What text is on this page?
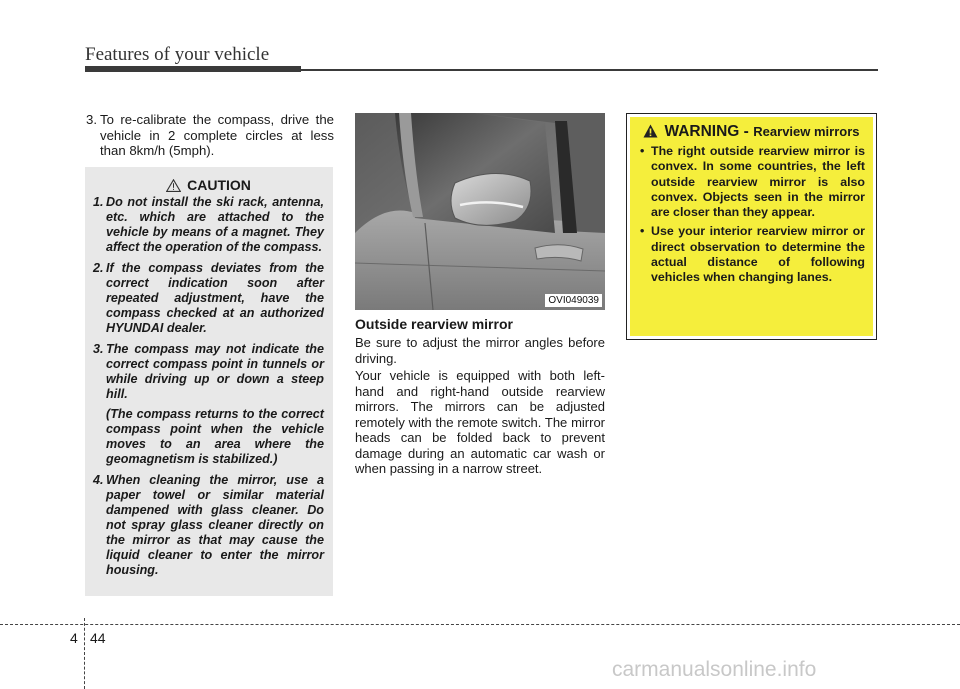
Features of your vehicle
3. To re-calibrate the compass, drive the vehicle in 2 complete circles at less than 8km/h (5mph).
CAUTION
1. Do not install the ski rack, antenna, etc. which are attached to the vehicle by means of a magnet. They affect the operation of the compass.
2. If the compass deviates from the correct indication soon after repeated adjustment, have the compass checked at an authorized HYUNDAI dealer.
3. The compass may not indicate the correct compass point in tunnels or while driving up or down a steep hill.
(The compass returns to the correct compass point when the vehicle moves to an area where the geomagnetism is stabilized.)
4. When cleaning the mirror, use a paper towel or similar material dampened with glass cleaner. Do not spray glass cleaner directly on the mirror as that may cause the liquid cleaner to enter the mirror housing.
OVI049039
Outside rearview mirror

Be sure to adjust the mirror angles before driving.

Your vehicle is equipped with both left-hand and right-hand outside rearview mirrors. The mirrors can be adjusted remotely with the remote switch. The mirror heads can be folded back to prevent damage during an automatic car wash or when passing in a narrow street.

WARNING - Rearview mirrors
• The right outside rearview mirror is convex. In some countries, the left outside rearview mirror is also convex. Objects seen in the mirror are closer than they appear.
• Use your interior rearview mirror or direct observation to determine the actual distance of following vehicles when changing lanes.
4 44
carmanualsonline.info
